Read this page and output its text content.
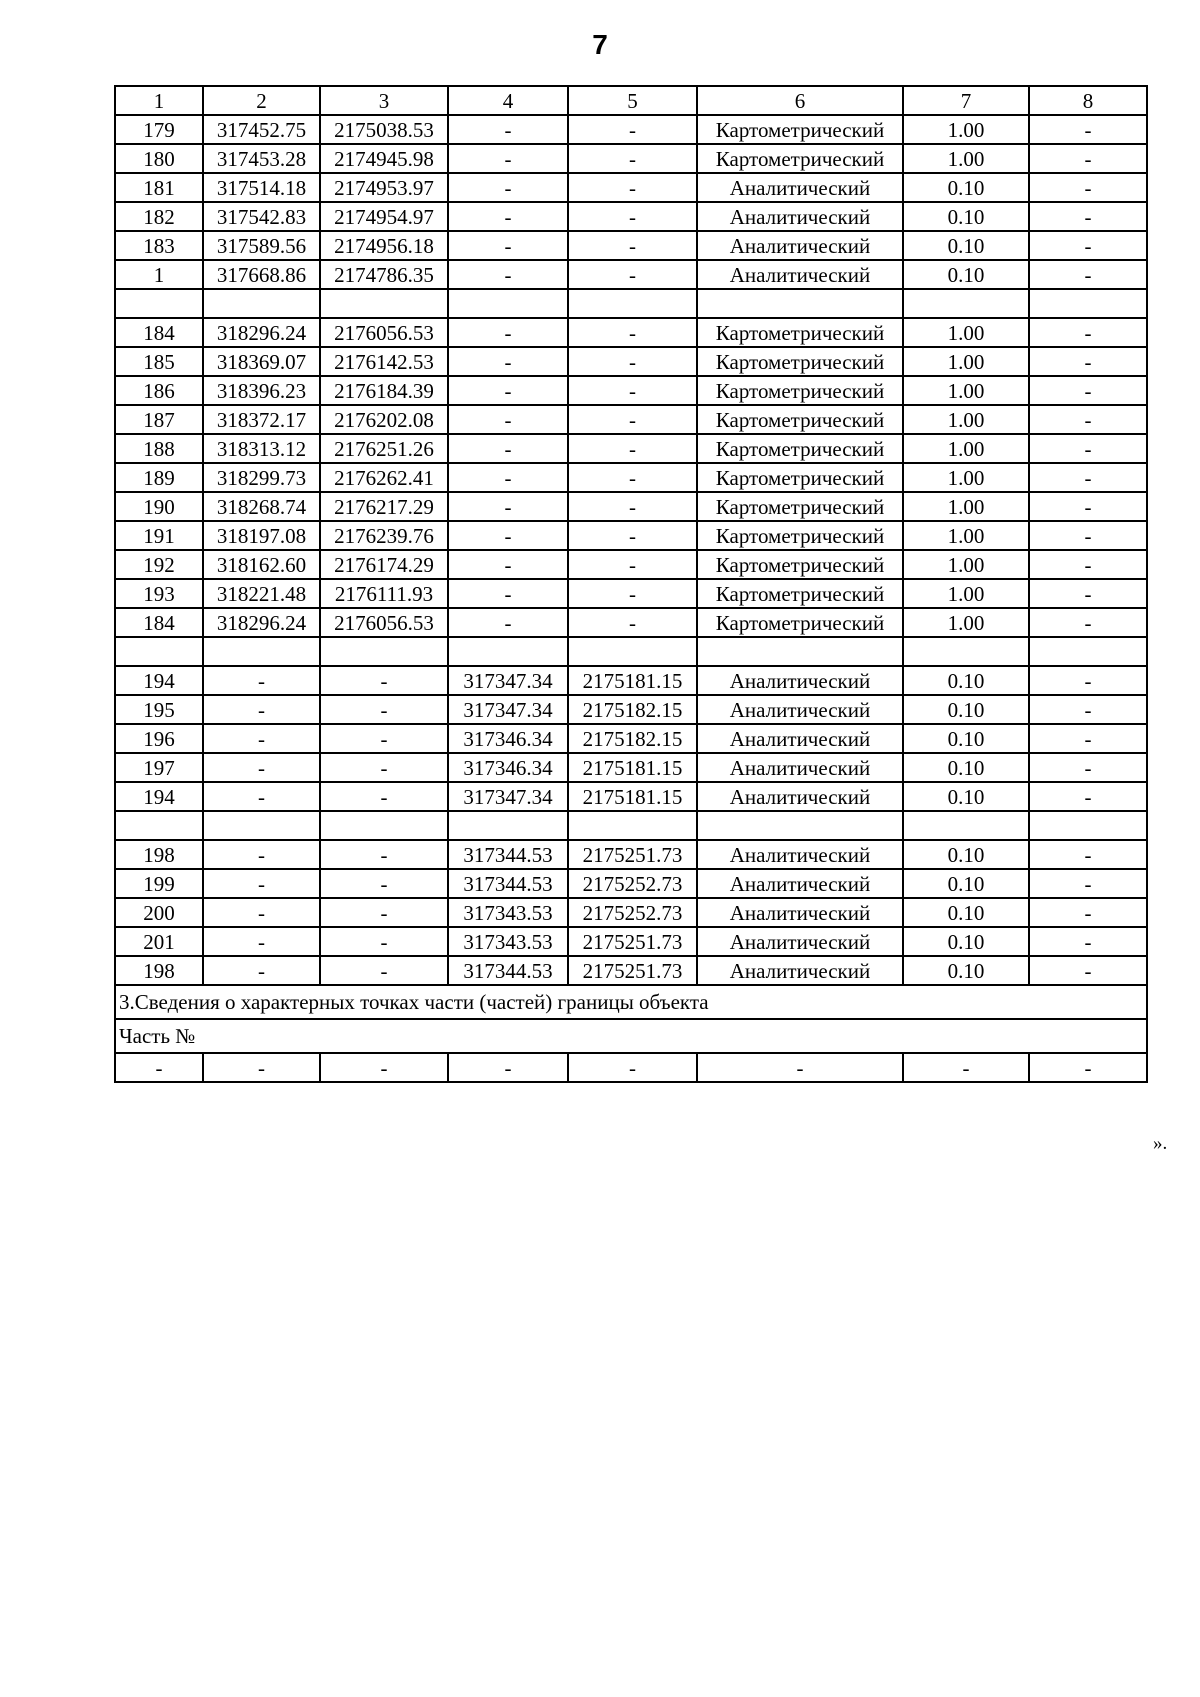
7
1	2	3	4	5	6	7	8
179	317452.75	2175038.53	-	-	Картометрический	1.00	-
180	317453.28	2174945.98	-	-	Картометрический	1.00	-
181	317514.18	2174953.97	-	-	Аналитический	0.10	-
182	317542.83	2174954.97	-	-	Аналитический	0.10	-
183	317589.56	2174956.18	-	-	Аналитический	0.10	-
1	317668.86	2174786.35	-	-	Аналитический	0.10	-

184	318296.24	2176056.53	-	-	Картометрический	1.00	-
185	318369.07	2176142.53	-	-	Картометрический	1.00	-
186	318396.23	2176184.39	-	-	Картометрический	1.00	-
187	318372.17	2176202.08	-	-	Картометрический	1.00	-
188	318313.12	2176251.26	-	-	Картометрический	1.00	-
189	318299.73	2176262.41	-	-	Картометрический	1.00	-
190	318268.74	2176217.29	-	-	Картометрический	1.00	-
191	318197.08	2176239.76	-	-	Картометрический	1.00	-
192	318162.60	2176174.29	-	-	Картометрический	1.00	-
193	318221.48	2176111.93	-	-	Картометрический	1.00	-
184	318296.24	2176056.53	-	-	Картометрический	1.00	-

194	-	-	317347.34	2175181.15	Аналитический	0.10	-
195	-	-	317347.34	2175182.15	Аналитический	0.10	-
196	-	-	317346.34	2175182.15	Аналитический	0.10	-
197	-	-	317346.34	2175181.15	Аналитический	0.10	-
194	-	-	317347.34	2175181.15	Аналитический	0.10	-

198	-	-	317344.53	2175251.73	Аналитический	0.10	-
199	-	-	317344.53	2175252.73	Аналитический	0.10	-
200	-	-	317343.53	2175252.73	Аналитический	0.10	-
201	-	-	317343.53	2175251.73	Аналитический	0.10	-
198	-	-	317344.53	2175251.73	Аналитический	0.10	-
3.Сведения о характерных точках части (частей) границы объекта							
Часть №							
-	-	-	-	-	-	-	-
».
